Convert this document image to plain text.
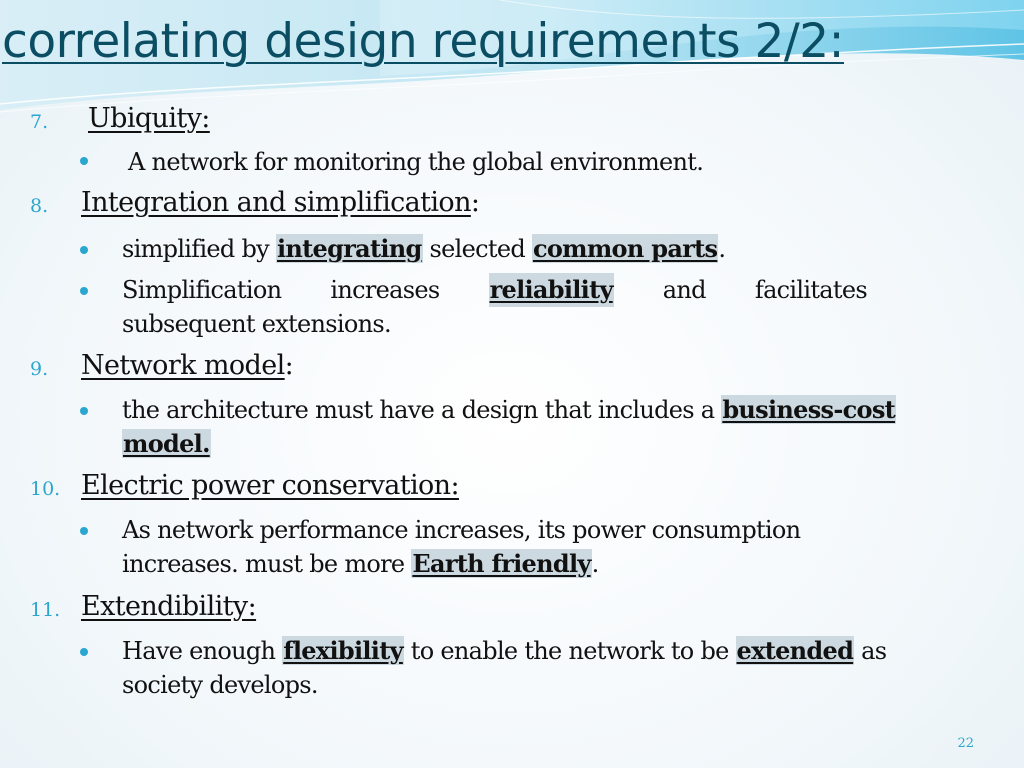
correlating design requirements 2/2:
7. Ubiquity:
A network for monitoring the global environment.
8. Integration and simplification:
simplified by integrating selected common parts.
Simplification increases reliability and facilitates
subsequent extensions.
9. Network model:
the architecture must have a design that includes a business-cost
model.
10. Electric power conservation:
As network performance increases, its power consumption
increases. must be more Earth friendly.
11. Extendibility:
Have enough flexibility to enable the network to be extended as
society develops.
22
